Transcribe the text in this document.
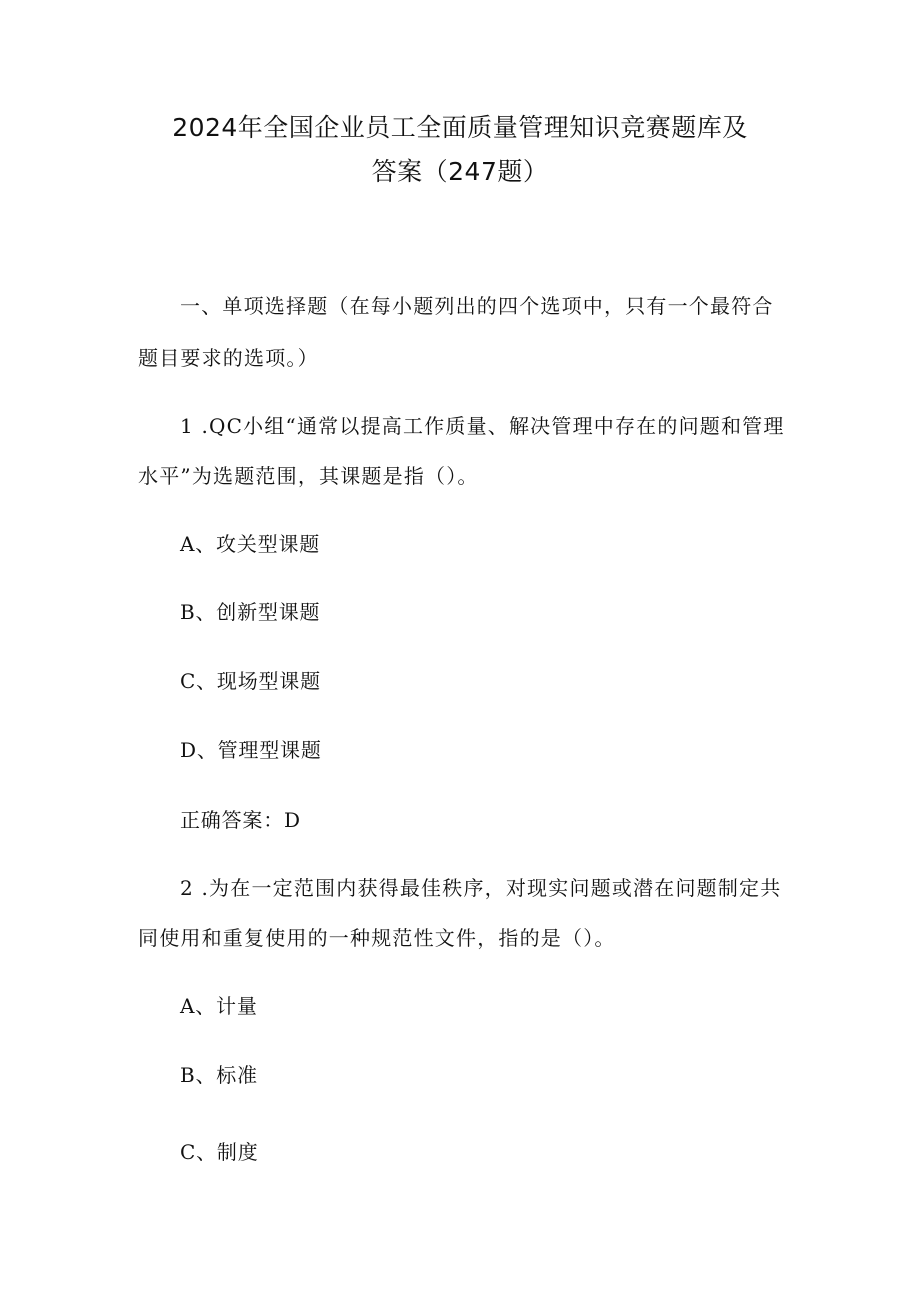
2024年全国企业员工全面质量管理知识竞赛题库及
答案（247题）
一、单项选择题（在每小题列出的四个选项中，只有一个最符合
题目要求的选项。）
1 .QC小组“通常以提高工作质量、解决管理中存在的问题和管理
水平”为选题范围，其课题是指（）。
A、攻关型课题
B、创新型课题
C、现场型课题
D、管理型课题
正确答案：D
2 .为在一定范围内获得最佳秩序，对现实问题或潜在问题制定共
同使用和重复使用的一种规范性文件，指的是（）。
A、计量
B、标准
C、制度
